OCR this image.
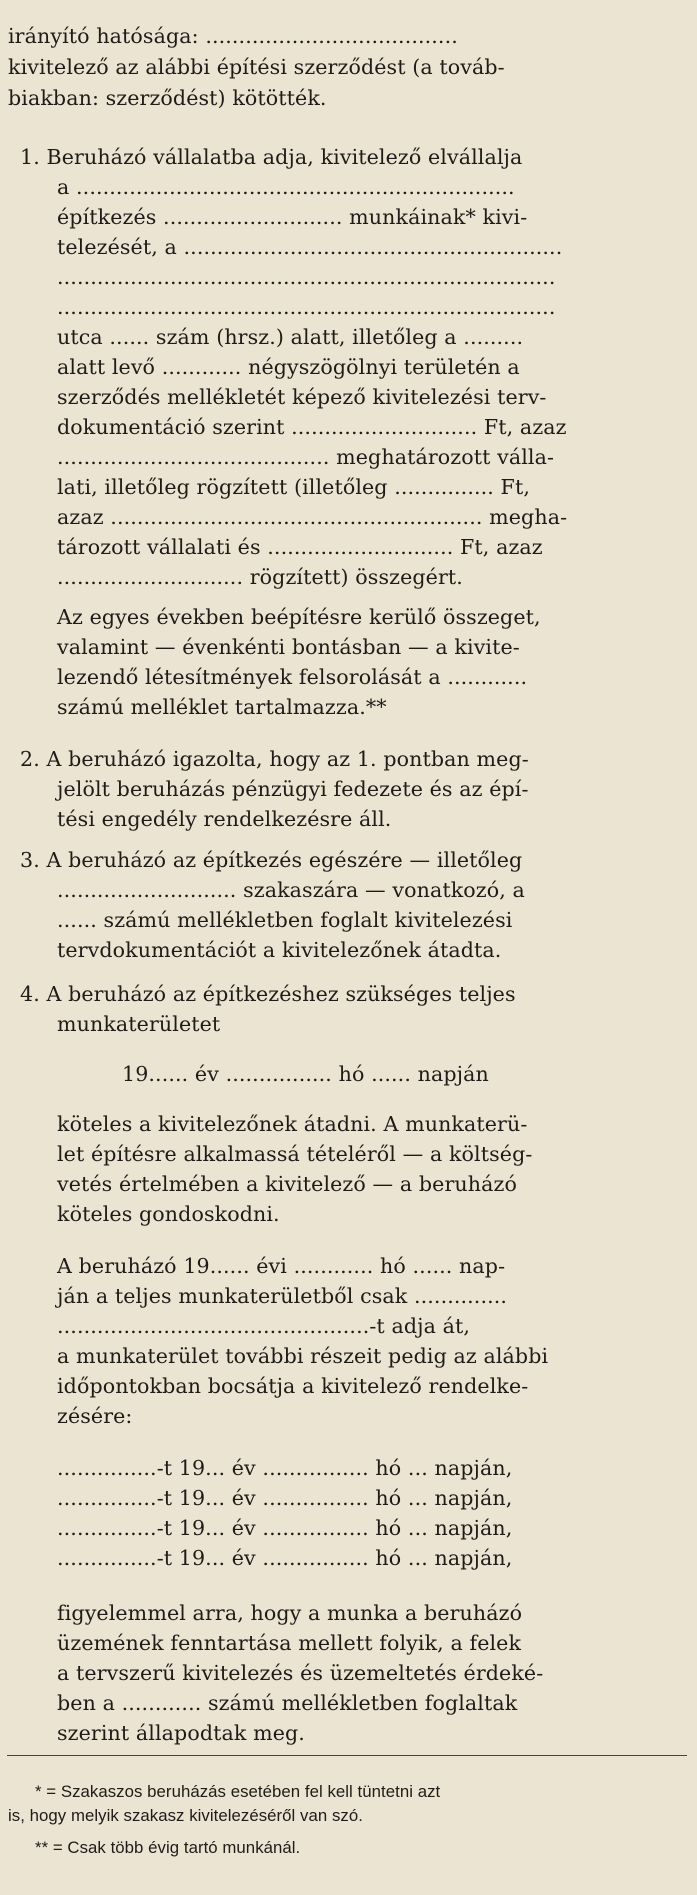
irányító hatósága: ......................................
kivitelező az alábbi építési szerződést (a továb-
biakban: szerződést) kötötték.
1. Beruházó vállalatba adja, kivitelező elvállalja
a ..................................................................
építkezés ........................... munkáinak* kivi-
telezését, a .........................................................
...........................................................................
...........................................................................
utca ...... szám (hrsz.) alatt, illetőleg a .........
alatt levő ............ négyszögölnyi területén a
szerződés mellékletét képező kivitelezési terv-
dokumentáció szerint ............................ Ft, azaz
......................................... meghatározott válla-
lati, illetőleg rögzített (illetőleg ............... Ft,
azaz ........................................................ megha-
tározott vállalati és ............................ Ft, azaz
............................ rögzített) összegért.
Az egyes években beépítésre kerülő összeget,
valamint — évenkénti bontásban — a kivite-
lezendő létesítmények felsorolását a ............
számú melléklet tartalmazza.**
2. A beruházó igazolta, hogy az 1. pontban meg-
jelölt beruházás pénzügyi fedezete és az épí-
tési engedély rendelkezésre áll.
3. A beruházó az építkezés egészére — illetőleg
........................... szakaszára — vonatkozó, a
...... számú mellékletben foglalt kivitelezési
tervdokumentációt a kivitelezőnek átadta.
4. A beruházó az építkezéshez szükséges teljes
munkaterületet
19...... év ................ hó ...... napján
köteles a kivitelezőnek átadni. A munkaterü-
let építésre alkalmassá tételéről — a költség-
vetés értelmében a kivitelező — a beruházó
köteles gondoskodni.
A beruházó 19...... évi ............ hó ...... nap-
ján a teljes munkaterületből csak ..............
...............................................-t adja át,
a munkaterület további részeit pedig az alábbi
időpontokban bocsátja a kivitelező rendelke-
zésére:
...............-t 19... év ................ hó ... napján,
...............-t 19... év ................ hó ... napján,
...............-t 19... év ................ hó ... napján,
...............-t 19... év ................ hó ... napján,
figyelemmel arra, hogy a munka a beruházó
üzemének fenntartása mellett folyik, a felek
a tervszerű kivitelezés és üzemeltetés érdeké-
ben a ............ számú mellékletben foglaltak
szerint állapodtak meg.
* = Szakaszos beruházás esetében fel kell tüntetni azt
is, hogy melyik szakasz kivitelezéséről van szó.
** = Csak több évig tartó munkánál.
